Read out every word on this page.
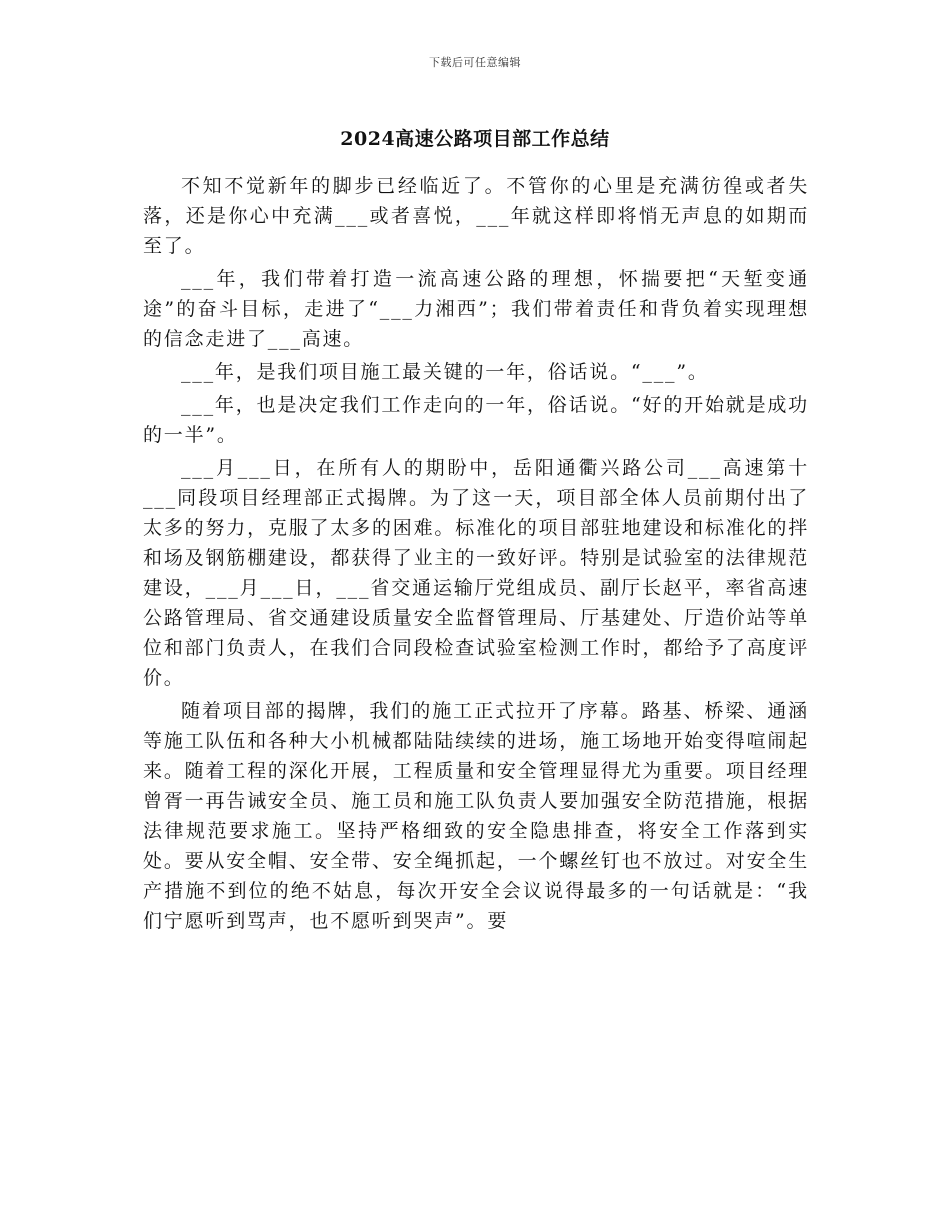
下载后可任意编辑
2024高速公路项目部工作总结

不知不觉新年的脚步已经临近了。不管你的心里是充满彷徨或者失落，还是你心中充满___或者喜悦，___年就这样即将悄无声息的如期而至了。

___年，我们带着打造一流高速公路的理想，怀揣要把“天堑变通途”的奋斗目标，走进了“___力湘西”；我们带着责任和背负着实现理想的信念走进了___高速。

___年，是我们项目施工最关键的一年，俗话说。“___”。

___年，也是决定我们工作走向的一年，俗话说。“好的开始就是成功的一半”。

___月___日，在所有人的期盼中，岳阳通衢兴路公司___高速第十___同段项目经理部正式揭牌。为了这一天，项目部全体人员前期付出了太多的努力，克服了太多的困难。标准化的项目部驻地建设和标准化的拌和场及钢筋棚建设，都获得了业主的一致好评。特别是试验室的法律规范建设，___月___日，___省交通运输厅党组成员、副厅长赵平，率省高速公路管理局、省交通建设质量安全监督管理局、厅基建处、厅造价站等单位和部门负责人，在我们合同段检查试验室检测工作时，都给予了高度评价。

随着项目部的揭牌，我们的施工正式拉开了序幕。路基、桥梁、通涵等施工队伍和各种大小机械都陆陆续续的进场，施工场地开始变得喧闹起来。随着工程的深化开展，工程质量和安全管理显得尤为重要。项目经理曾胥一再告诫安全员、施工员和施工队负责人要加强安全防范措施，根据法律规范要求施工。坚持严格细致的安全隐患排查，将安全工作落到实处。要从安全帽、安全带、安全绳抓起，一个螺丝钉也不放过。对安全生产措施不到位的绝不姑息，每次开安全会议说得最多的一句话就是：“我们宁愿听到骂声，也不愿听到哭声”。要
